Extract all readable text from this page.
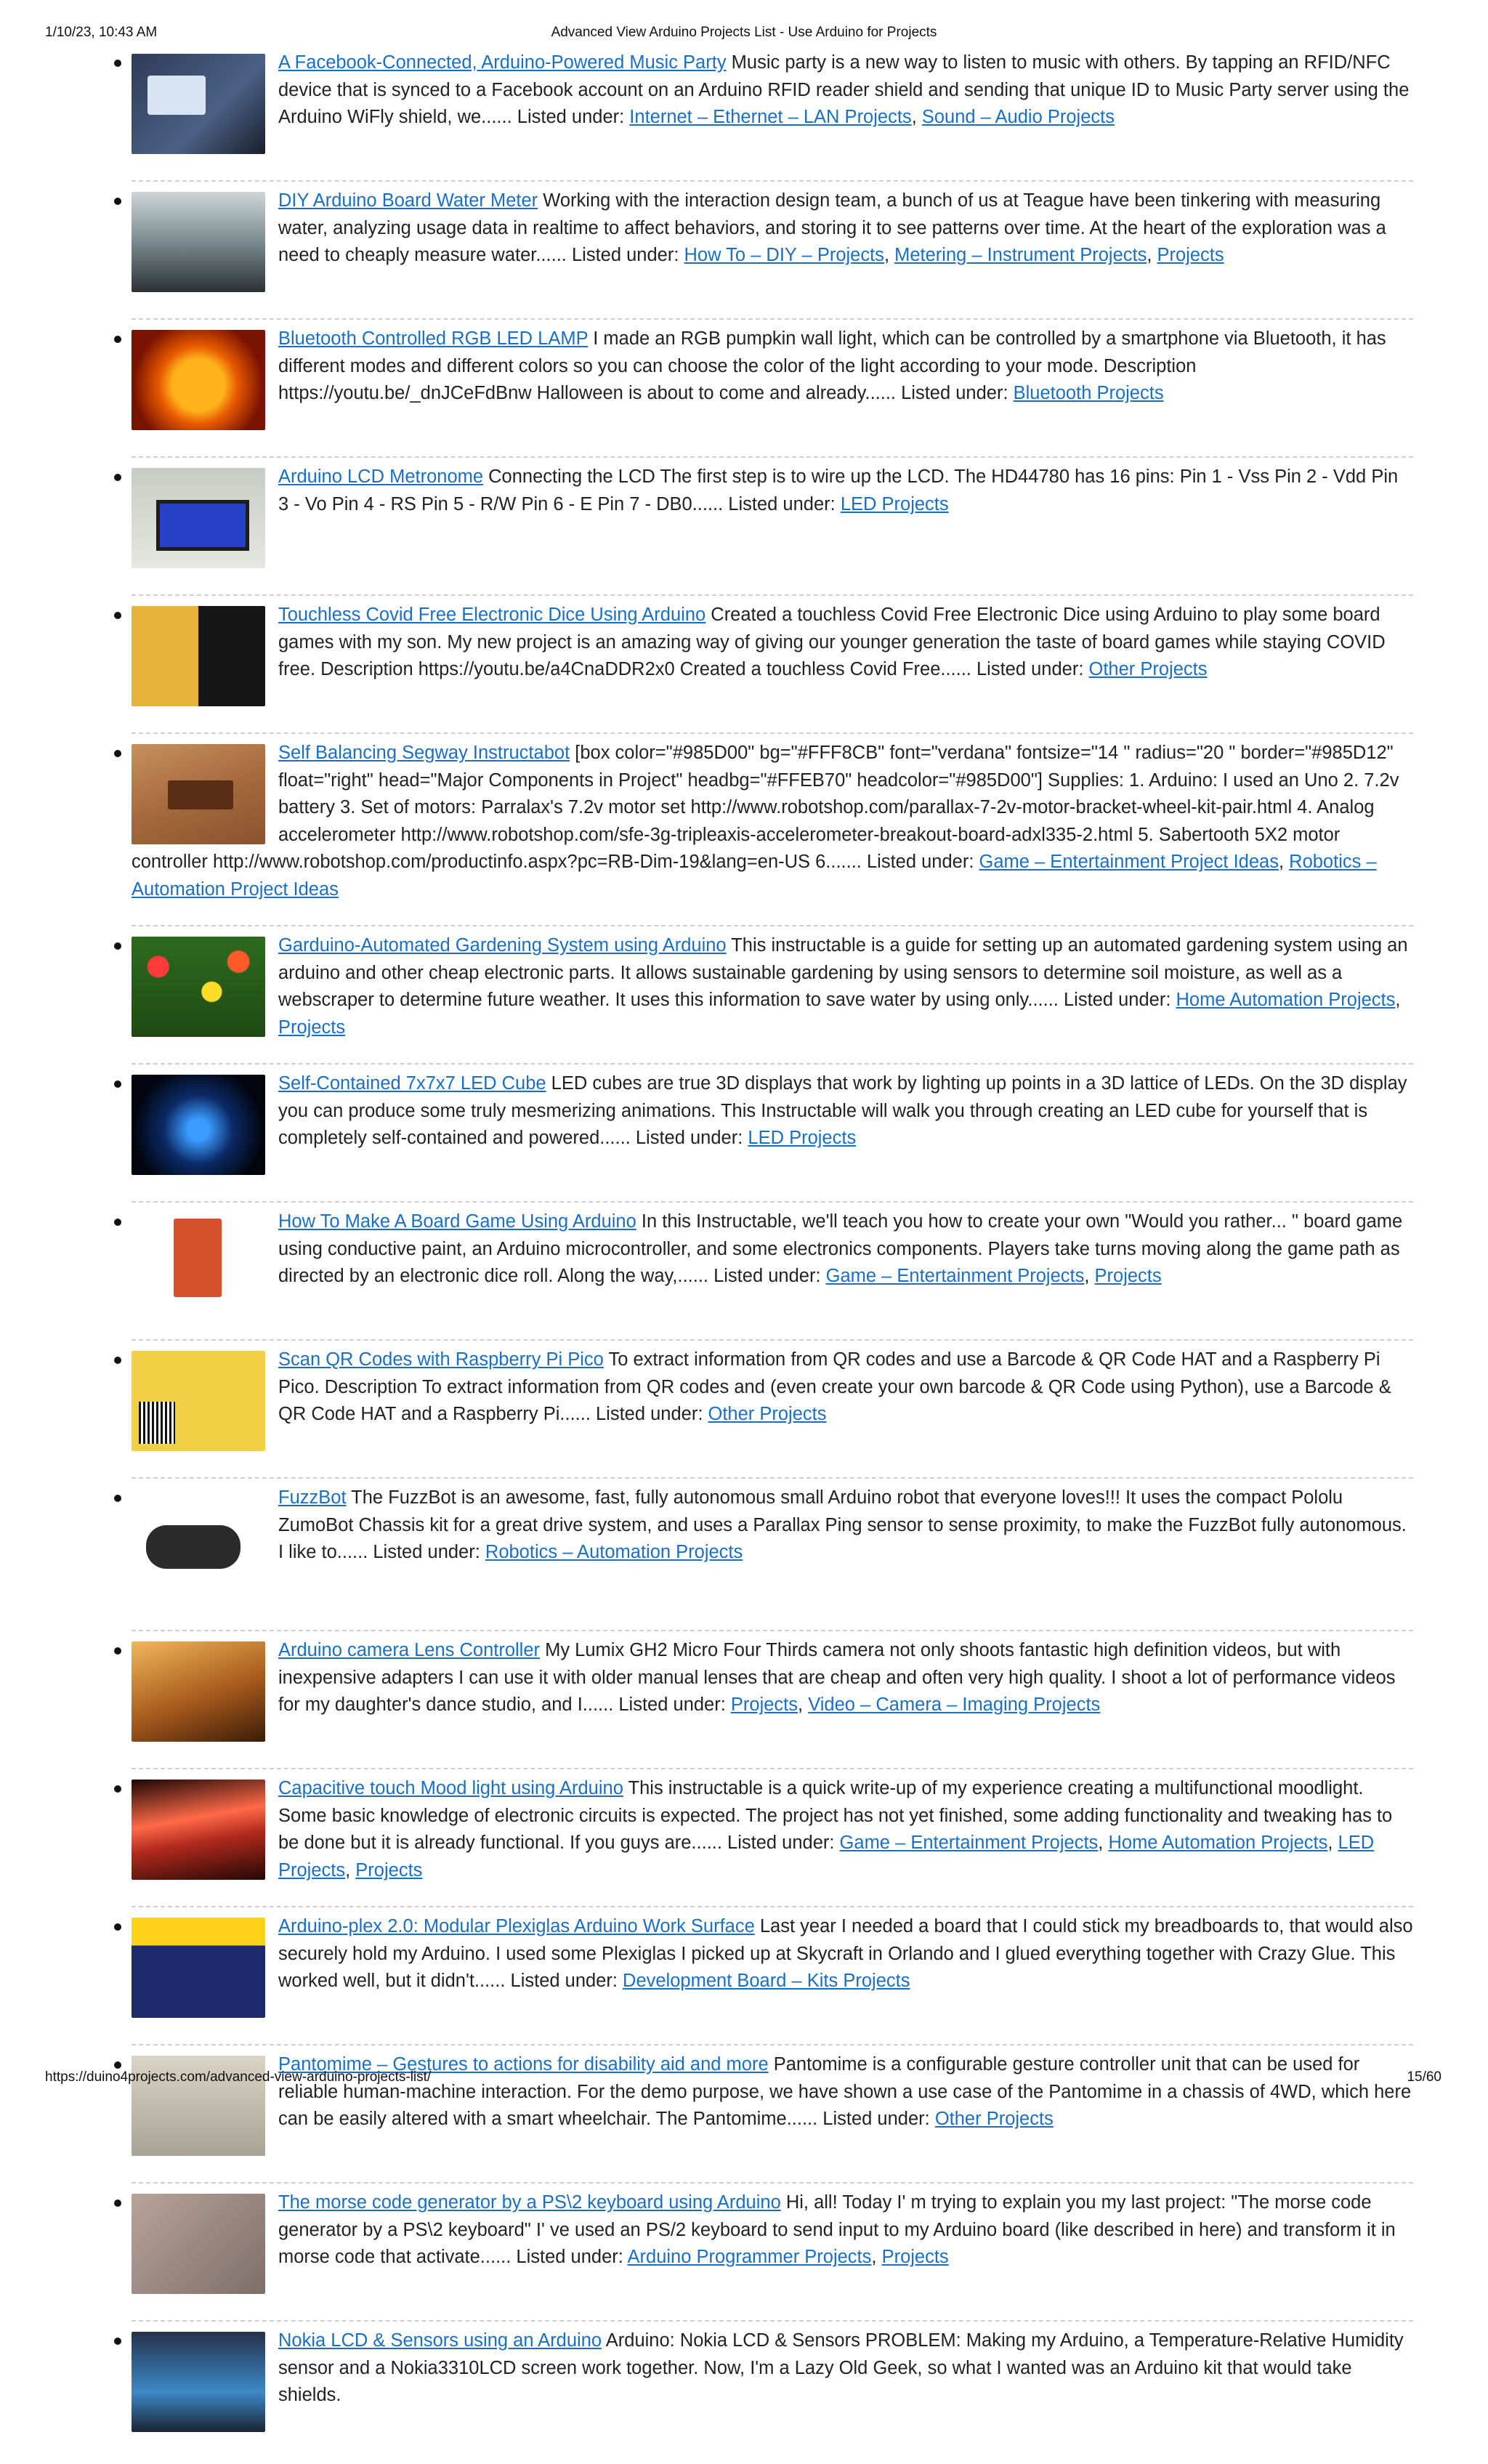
1/10/23, 10:43 AM	Advanced View Arduino Projects List - Use Arduino for Projects
A Facebook-Connected, Arduino-Powered Music Party Music party is a new way to listen to music with others. By tapping an RFID/NFC device that is synced to a Facebook account on an Arduino RFID reader shield and sending that unique ID to Music Party server using the Arduino WiFly shield, we...... Listed under: Internet – Ethernet – LAN Projects, Sound – Audio Projects
DIY Arduino Board Water Meter Working with the interaction design team, a bunch of us at Teague have been tinkering with measuring water, analyzing usage data in realtime to affect behaviors, and storing it to see patterns over time. At the heart of the exploration was a need to cheaply measure water...... Listed under: How To – DIY – Projects, Metering – Instrument Projects, Projects
Bluetooth Controlled RGB LED LAMP I made an RGB pumpkin wall light, which can be controlled by a smartphone via Bluetooth, it has different modes and different colors so you can choose the color of the light according to your mode. Description https://youtu.be/_dnJCeFdBnw Halloween is about to come and already...... Listed under: Bluetooth Projects
Arduino LCD Metronome Connecting the LCD The first step is to wire up the LCD. The HD44780 has 16 pins: Pin 1 - Vss Pin 2 - Vdd Pin 3 - Vo Pin 4 - RS Pin 5 - R/W Pin 6 - E Pin 7 - DB0...... Listed under: LED Projects
Touchless Covid Free Electronic Dice Using Arduino Created a touchless Covid Free Electronic Dice using Arduino to play some board games with my son. My new project is an amazing way of giving our younger generation the taste of board games while staying COVID free. Description https://youtu.be/a4CnaDDR2x0 Created a touchless Covid Free...... Listed under: Other Projects
Self Balancing Segway Instructabot [box color="#985D00" bg="#FFF8CB" font="verdana" fontsize="14 " radius="20 " border="#985D12" float="right" head="Major Components in Project" headbg="#FFEB70" headcolor="#985D00"] Supplies: 1. Arduino: I used an Uno 2. 7.2v battery 3. Set of motors: Parralax's 7.2v motor set http://www.robotshop.com/parallax-7-2v-motor-bracket-wheel-kit-pair.html 4. Analog accelerometer http://www.robotshop.com/sfe-3g-tripleaxis-accelerometer-breakout-board-adxl335-2.html 5. Sabertooth 5X2 motor controller http://www.robotshop.com/productinfo.aspx?pc=RB-Dim-19&lang=en-US 6....... Listed under: Game – Entertainment Project Ideas, Robotics – Automation Project Ideas
Garduino-Automated Gardening System using Arduino This instructable is a guide for setting up an automated gardening system using an arduino and other cheap electronic parts. It allows sustainable gardening by using sensors to determine soil moisture, as well as a webscraper to determine future weather. It uses this information to save water by using only...... Listed under: Home Automation Projects, Projects
Self-Contained 7x7x7 LED Cube LED cubes are true 3D displays that work by lighting up points in a 3D lattice of LEDs. On the 3D display you can produce some truly mesmerizing animations. This Instructable will walk you through creating an LED cube for yourself that is completely self-contained and powered...... Listed under: LED Projects
How To Make A Board Game Using Arduino In this Instructable, we'll teach you how to create your own "Would you rather... " board game using conductive paint, an Arduino microcontroller, and some electronics components. Players take turns moving along the game path as directed by an electronic dice roll. Along the way,...... Listed under: Game – Entertainment Projects, Projects
Scan QR Codes with Raspberry Pi Pico To extract information from QR codes and use a Barcode & QR Code HAT and a Raspberry Pi Pico. Description To extract information from QR codes and (even create your own barcode & QR Code using Python), use a Barcode & QR Code HAT and a Raspberry Pi...... Listed under: Other Projects
FuzzBot The FuzzBot is an awesome, fast, fully autonomous small Arduino robot that everyone loves!!! It uses the compact Pololu ZumoBot Chassis kit for a great drive system, and uses a Parallax Ping sensor to sense proximity, to make the FuzzBot fully autonomous. I like to...... Listed under: Robotics – Automation Projects
Arduino camera Lens Controller My Lumix GH2 Micro Four Thirds camera not only shoots fantastic high definition videos, but with inexpensive adapters I can use it with older manual lenses that are cheap and often very high quality. I shoot a lot of performance videos for my daughter's dance studio, and I...... Listed under: Projects, Video – Camera – Imaging Projects
Capacitive touch Mood light using Arduino This instructable is a quick write-up of my experience creating a multifunctional moodlight. Some basic knowledge of electronic circuits is expected. The project has not yet finished, some adding functionality and tweaking has to be done but it is already functional. If you guys are...... Listed under: Game – Entertainment Projects, Home Automation Projects, LED Projects, Projects
Arduino-plex 2.0: Modular Plexiglas Arduino Work Surface Last year I needed a board that I could stick my breadboards to, that would also securely hold my Arduino. I used some Plexiglas I picked up at Skycraft in Orlando and I glued everything together with Crazy Glue. This worked well, but it didn't...... Listed under: Development Board – Kits Projects
Pantomime – Gestures to actions for disability aid and more Pantomime is a configurable gesture controller unit that can be used for reliable human-machine interaction. For the demo purpose, we have shown a use case of the Pantomime in a chassis of 4WD, which here can be easily altered with a smart wheelchair. The Pantomime...... Listed under: Other Projects
The morse code generator by a PS\2 keyboard using Arduino Hi, all! Today I' m trying to explain you my last project: "The morse code generator by a PS\2 keyboard" I' ve used an PS/2 keyboard to send input to my Arduino board (like described in here) and transform it in morse code that activate...... Listed under: Arduino Programmer Projects, Projects
Nokia LCD & Sensors using an Arduino Arduino: Nokia LCD & Sensors PROBLEM: Making my Arduino, a Temperature-Relative Humidity sensor and a Nokia3310LCD screen work together. Now, I'm a Lazy Old Geek, so what I wanted was an Arduino kit that would take shields.
https://duino4projects.com/advanced-view-arduino-projects-list/	15/60
